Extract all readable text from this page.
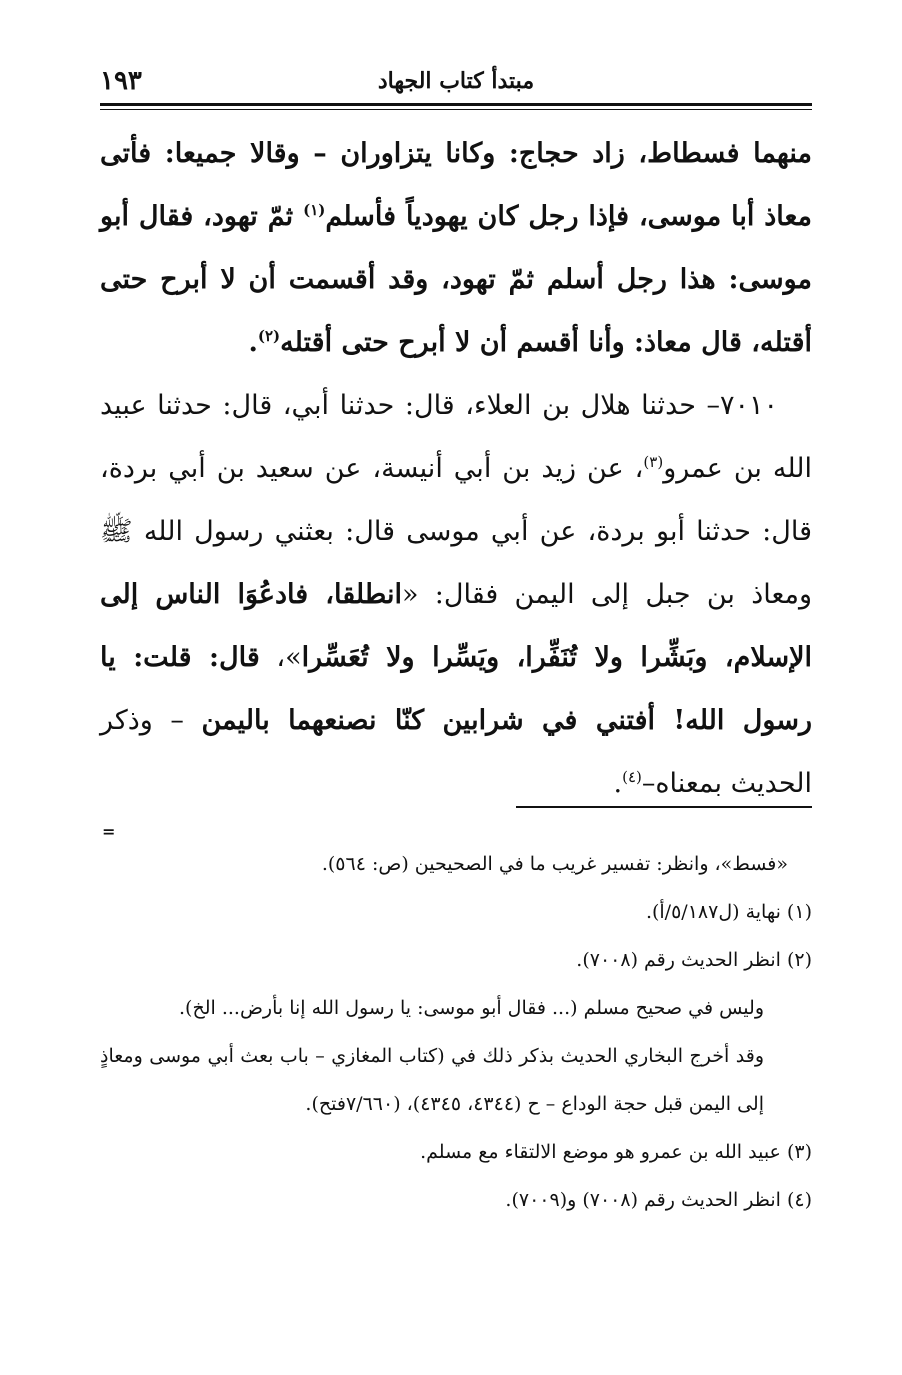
١٩٣	مبتدأ كتاب الجهاد

منهما فسطاط، زاد حجاج: وكانا يتزاوران – وقالا جميعا: فأتى معاذ أبا موسى، فإذا رجل كان يهودياً فأسلم$^{(١)}$ ثمّ تهود، فقال أبو موسى: هذا رجل أسلم ثمّ تهود، وقد أقسمت أن لا أبرح حتى أقتله، قال معاذ: وأنا أقسم أن لا أبرح حتى أقتله$^{(٢)}$.

٧٠١٠– حدثنا هلال بن العلاء، قال: حدثنا أبي، قال: حدثنا عبيد الله بن عمرو$^{(٣)}$، عن زيد بن أبي أنيسة، عن سعيد بن أبي بردة، قال: حدثنا أبو بردة، عن أبي موسى قال: بعثني رسول الله ﷺ ومعاذ بن جبل إلى اليمن فقال: «انطلقا، فادعُوَا الناس إلى الإسلام، وبَشِّرا ولا تُنَفِّرا، ويَسِّرا ولا تُعَسِّرا»، قال: قلت: يا رسول الله! أفتني في شرابين كنّا نصنعهما باليمن – وذكر الحديث بمعناه–$^{(٤)}$.

=

«فسط»، وانظر: تفسير غريب ما في الصحيحين (ص: ٥٦٤).

(١) نهاية (ل٥/١٨٧/أ).

(٢) انظر الحديث رقم (٧٠٠٨).

وليس في صحيح مسلم (... فقال أبو موسى: يا رسول الله إنا بأرض... الخ).

وقد أخرج البخاري الحديث بذكر ذلك في (كتاب المغازي – باب بعث أبي موسى ومعاذٍ إلى اليمن قبل حجة الوداع – ح (٤٣٤٤، ٤٣٤٥)، (٧/٦٦٠فتح).

(٣) عبيد الله بن عمرو هو موضع الالتقاء مع مسلم.

(٤) انظر الحديث رقم (٧٠٠٨) و(٧٠٠٩).
